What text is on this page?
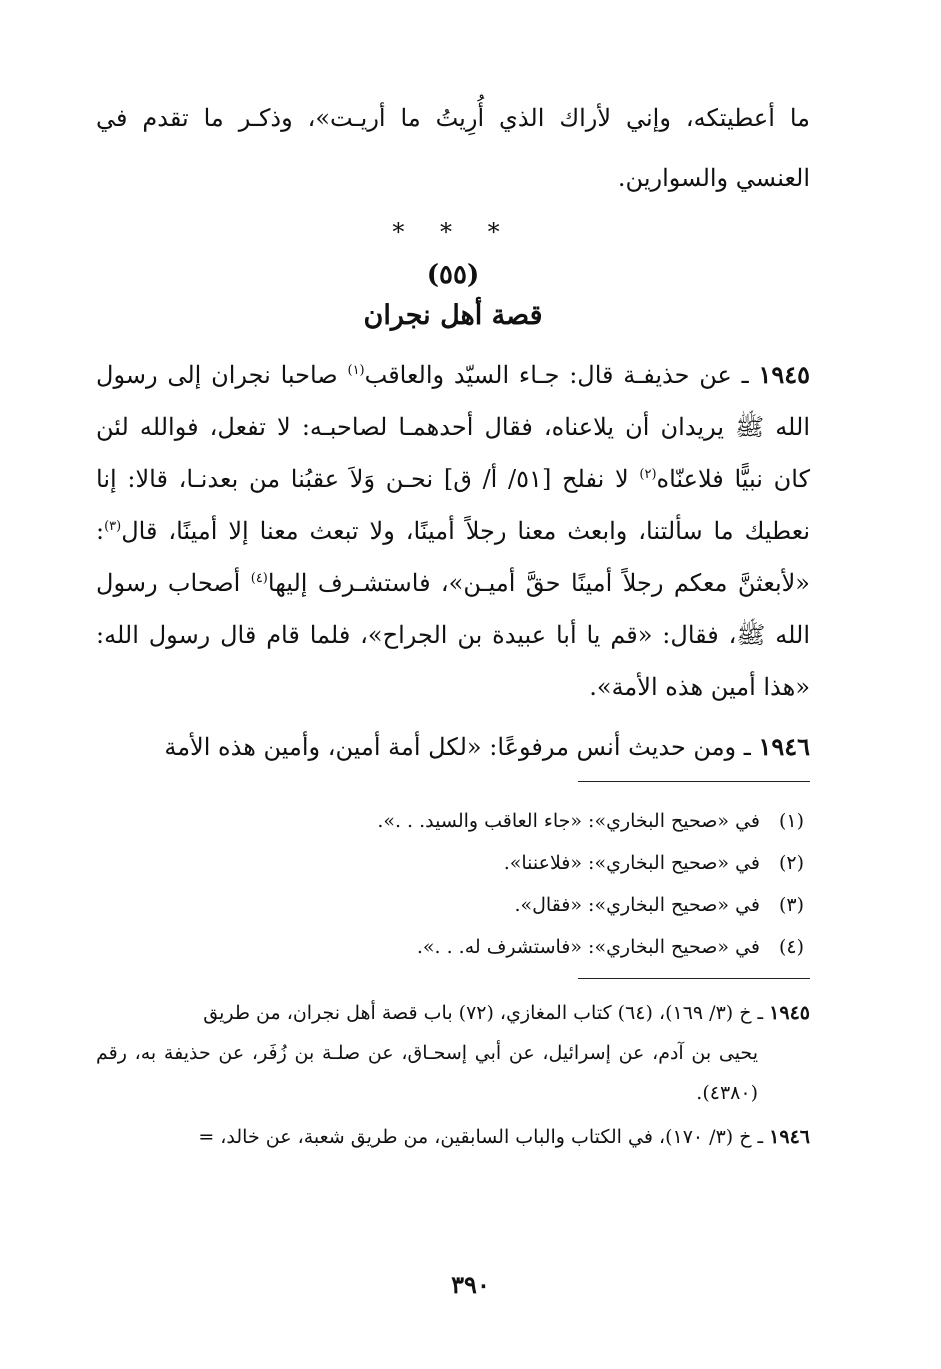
ما أعطيتكه، وإني لأراك الذي أُرِيتُ ما أريـت»، وذكـر ما تقدم في العنسي والسوارين.

* * *
(٥٥)
قصة أهل نجران

١٩٤٥ ـ عن حذيفـة قال: جـاء السيّد والعاقب$^{(١)}$ صاحبا نجران إلى رسول الله ﷺ يريدان أن يلاعناه، فقال أحدهمـا لصاحبـه: لا تفعل، فوالله لئن كان نبيًّا فلاعنّاه$^{(٢)}$ لا نفلح [٥١/ أ/ ق] نحـن وَلاَ عقبُنا من بعدنـا، قالا: إنا نعطيك ما سألتنا، وابعث معنا رجلاً أمينًا، ولا تبعث معنا إلا أمينًا، قال$^{(٣)}$: «لأبعثنَّ معكم رجلاً أمينًا حقَّ أميـن»، فاستشـرف إليها$^{(٤)}$ أصحاب رسول الله ﷺ، فقال: «قم يا أبا عبيدة بن الجراح»، فلما قام قال رسول الله: «هذا أمين هذه الأمة».

١٩٤٦ ـ ومن حديث أنس مرفوعًا: «لكل أمة أمين، وأمين هذه الأمة

(١)في «صحيح البخاري»: «جاء العاقب والسيد. . .».
(٢)في «صحيح البخاري»: «فلاعننا».
(٣)في «صحيح البخاري»: «فقال».
(٤)في «صحيح البخاري»: «فاستشرف له. . .».

١٩٤٥ ـ خ (٣/ ١٦٩)، (٦٤) كتاب المغازي، (٧٢) باب قصة أهل نجران، من طريق
يحيى بن آدم، عن إسرائيل، عن أبي إسحـاق، عن صلـة بن زُفَر، عن حذيفة به، رقم (٤٣٨٠).

١٩٤٦ ـ خ (٣/ ١٧٠)، في الكتاب والباب السابقين، من طريق شعبة، عن خالد، =

٣٩٠
